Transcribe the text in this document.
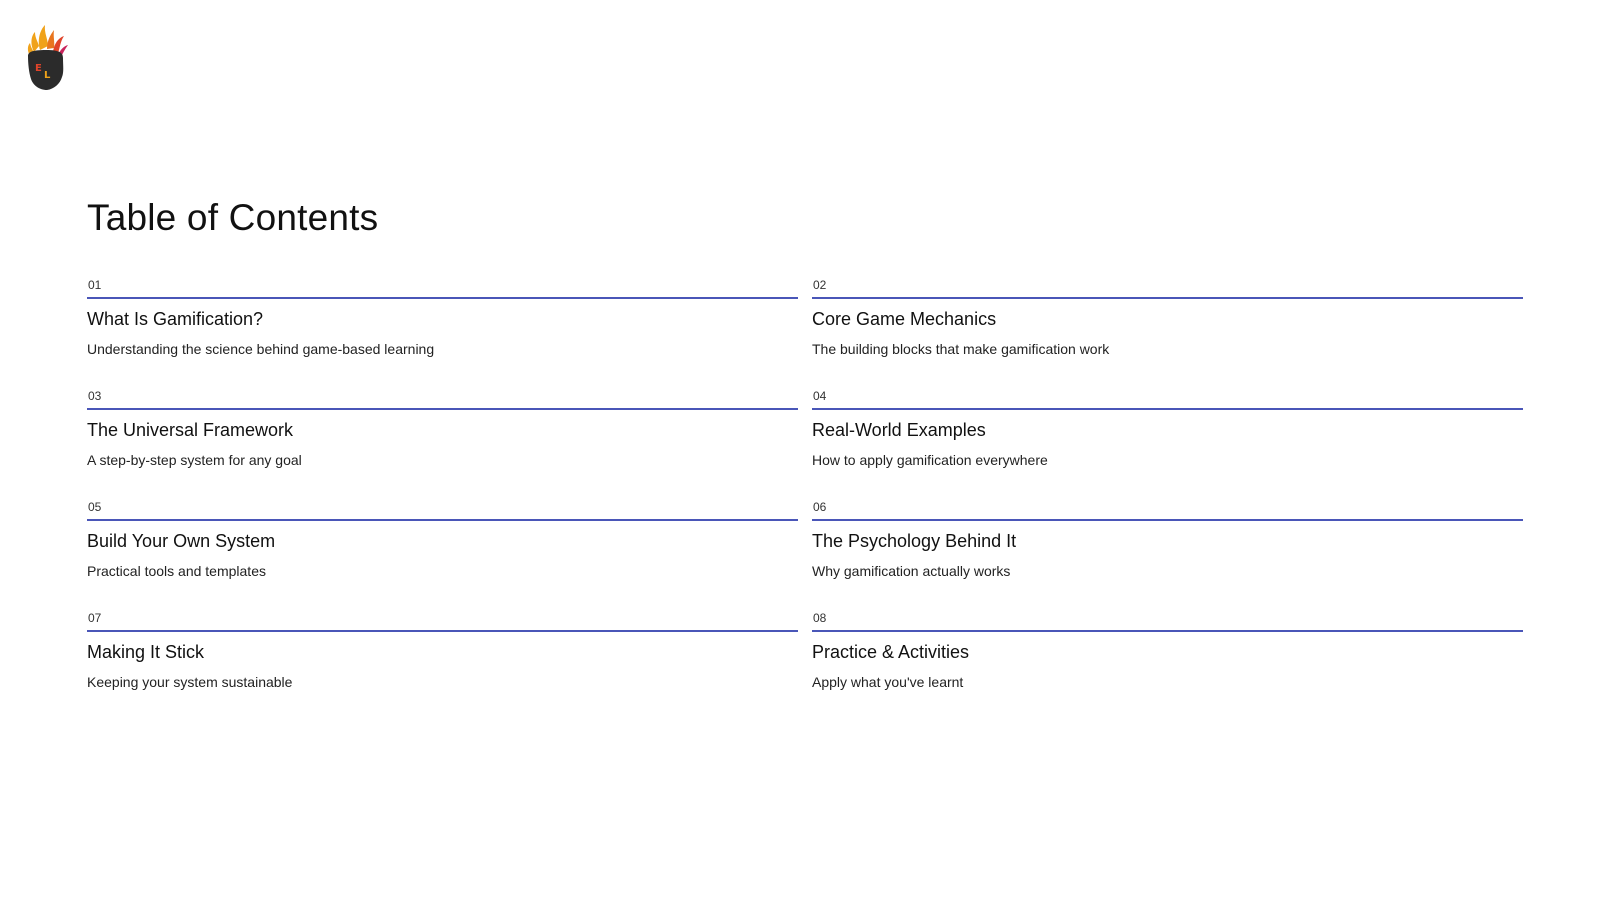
E
L
Table of Contents
01
What Is Gamification?
Understanding the science behind game-based learning
02
Core Game Mechanics
The building blocks that make gamification work
03
The Universal Framework
A step-by-step system for any goal
04
Real-World Examples
How to apply gamification everywhere
05
Build Your Own System
Practical tools and templates
06
The Psychology Behind It
Why gamification actually works
07
Making It Stick
Keeping your system sustainable
08
Practice & Activities
Apply what you've learnt
